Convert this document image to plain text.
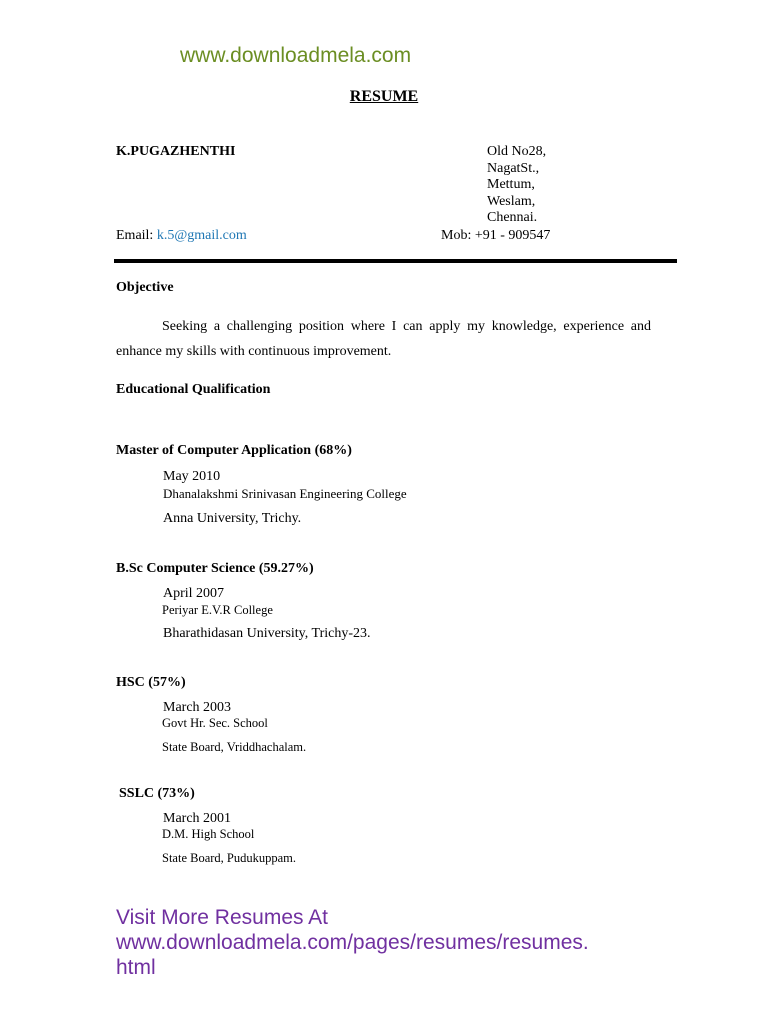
www.downloadmela.com
RESUME
K.PUGAZHENTHI	Old No28,
NagatSt.,
Mettum,
Weslam,
Chennai.
Email: k.5@gmail.com	Mob: +91 - 909547
Objective
Seeking a challenging position where I can apply my knowledge, experience and enhance my skills with continuous improvement.
Educational Qualification
Master of Computer Application (68%)
May 2010
Dhanalakshmi Srinivasan Engineering College
Anna University, Trichy.
B.Sc Computer Science (59.27%)
April 2007
Periyar E.V.R College
Bharathidasan University, Trichy-23.
HSC (57%)
March 2003
Govt Hr. Sec. School
State Board, Vriddhachalam.
SSLC (73%)
March 2001
D.M. High School
State Board, Pudukuppam.
Visit More Resumes At
www.downloadmela.com/pages/resumes/resumes.
html
